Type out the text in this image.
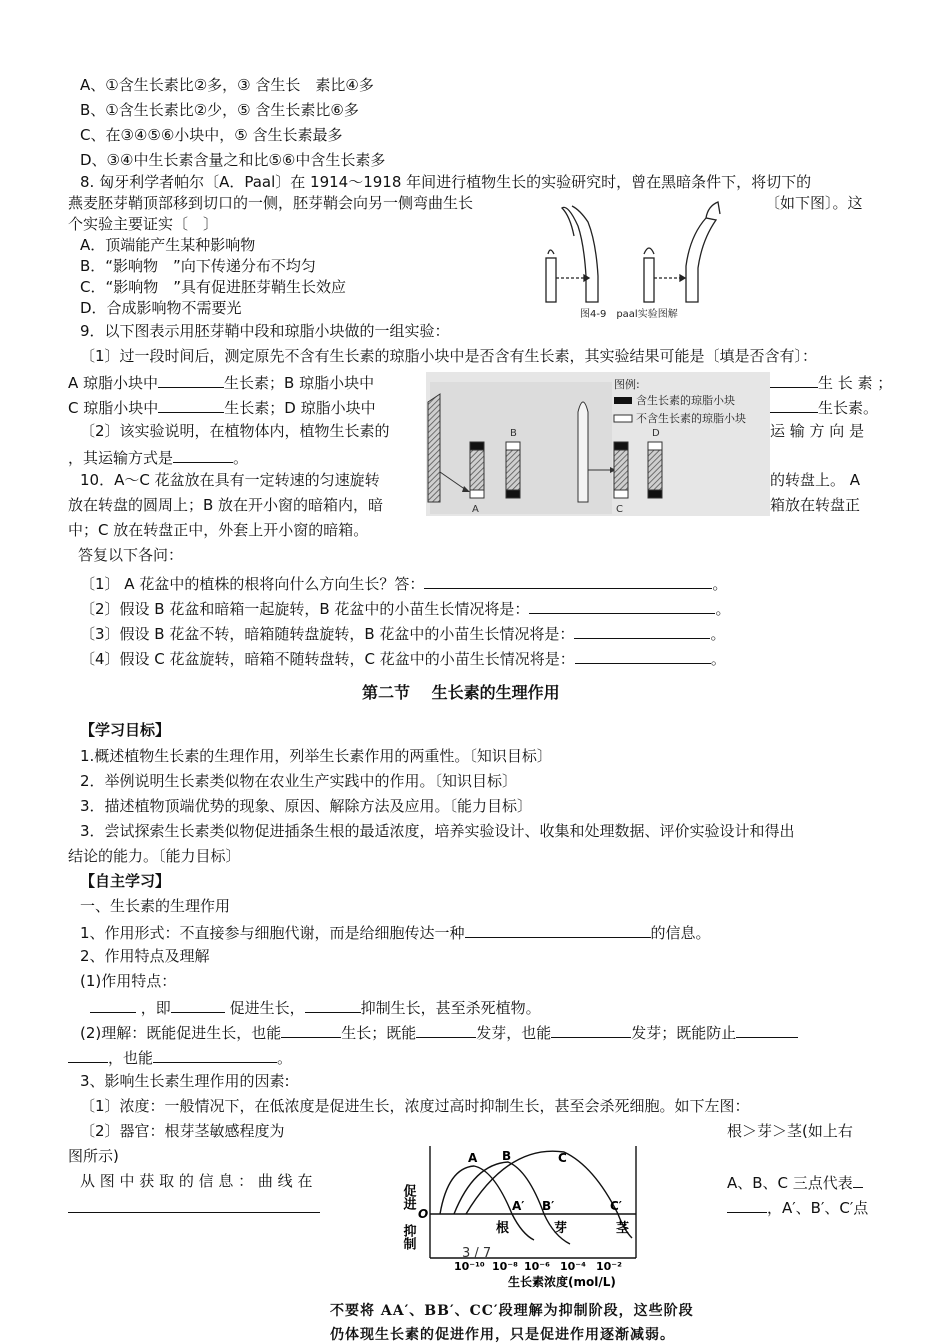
A、①含生长素比②多，③ 含生长　素比④多
B、①含生长素比②少，⑤ 含生长素比⑥多
C、在③④⑤⑥小块中，⑤ 含生长素最多
D、③④中生长素含量之和比⑤⑥中含生长素多
8. 匈牙利学者帕尔〔A．Paal〕在 1914～1918 年间进行植物生长的实验研究时，曾在黑暗条件下，将切下的
燕麦胚芽鞘顶部移到切口的一侧，胚芽鞘会向另一侧弯曲生长	〔如下图〕。这
个实验主要证实〔　〕
A．顶端能产生某种影响物
B．“影响物　”向下传递分布不均匀
C．“影响物　”具有促进胚芽鞘生长效应
D．合成影响物不需要光	图4-9　paal实验图解
9．以下图表示用胚芽鞘中段和琼脂小块做的一组实验：
〔1〕过一段时间后，测定原先不含有生长素的琼脂小块中是否含有生长素，其实验结果可能是〔填是否含有〕：
A 琼脂小块中	生长素；B 琼脂小块中	生 长 素 ；
C 琼脂小块中	生长素；D 琼脂小块中	生长素。
〔2〕该实验说明，在植物体内，植物生长素的	运 输 方 向 是
，其运输方式是	。
A
B
C
D
图例:
含生长素的琼脂小块
不含生长素的琼脂小块
10．A～C 花盆放在具有一定转速的匀速旋转	的转盘上。 A
放在转盘的圆周上；B 放在开小窗的暗箱内，暗	箱放在转盘正
中；C 放在转盘正中，外套上开小窗的暗箱。
答复以下各问：
〔1〕 A 花盆中的植株的根将向什么方向生长？答：	。
〔2〕假设 B 花盆和暗箱一起旋转，B 花盆中的小苗生长情况将是：	。
〔3〕假设 B 花盆不转，暗箱随转盘旋转，B 花盆中的小苗生长情况将是：	。
〔4〕假设 C 花盆旋转，暗箱不随转盘转，C 花盆中的小苗生长情况将是：	。
第二节　 生长素的生理作用
【学习目标】
1.概述植物生长素的生理作用，列举生长素作用的两重性。〔知识目标〕
2．举例说明生长素类似物在农业生产实践中的作用。〔知识目标〕
3．描述植物顶端优势的现象、原因、解除方法及应用。〔能力目标〕
3．尝试探索生长素类似物促进插条生根的最适浓度，培养实验设计、收集和处理数据、评价实验设计和得出
结论的能力。〔能力目标〕
【自主学习】
一、生长素的生理作用
1、作用形式：不直接参与细胞代谢，而是给细胞传达一种	的信息。
2、作用特点及理解
(1)作用特点：
，即	促进生长，	抑制生长，甚至杀死植物。
(2)理解：既能促进生长，也能	生长；既能	发芽，也能	发芽；既能防止
，也能	。
3、影响生长素生理作用的因素:
〔1〕浓度：一般情况下，在低浓度是促进生长，浓度过高时抑制生长，甚至会杀死细胞。如下左图：
〔2〕器官：根芽茎敏感程度为	根＞芽＞茎(如上右
图所示)
从 图 中 获 取 的 信 息 ： 曲 线 在	A、B、C 三点代表
，A′、B′、C′点
促进
抑制
O
A B	C
A′ B′	C′
根	芽	茎
10⁻¹⁰ 10⁻⁸ 10⁻⁶ 10⁻⁴ 10⁻²
生长素浓度(mol/L)
3 / 7
不要将 AA′、BB′、CC′段理解为抑制阶段，这些阶段
仍体现生长素的促进作用，只是促进作用逐渐减弱。
